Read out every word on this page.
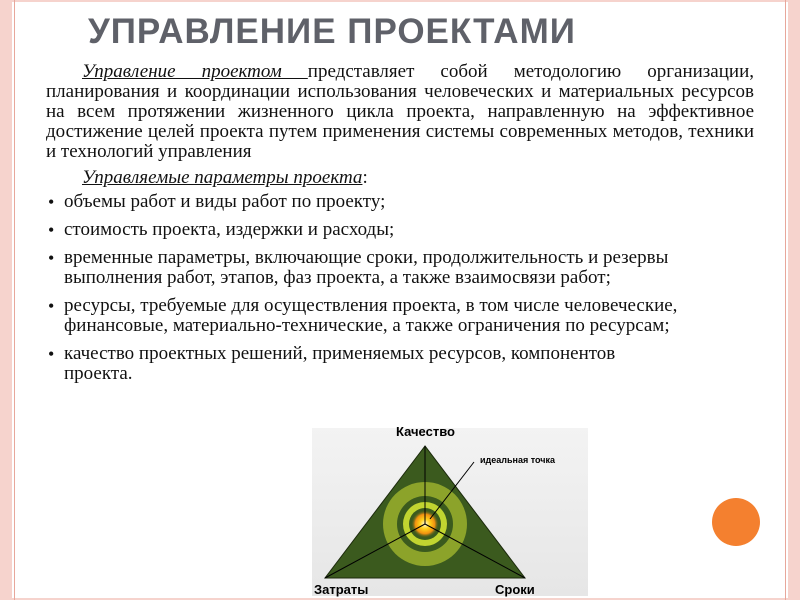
УПРАВЛЕНИЕ ПРОЕКТАМИ

Управление проектом представляет собой методологию организации, планирования и координации использования человеческих и материальных ресурсов на всем протяжении жизненного цикла проекта, направленную на эффективное достижение целей проекта путем применения системы современных методов, техники и технологий управления

Управляемые параметры проекта:
• объемы работ и виды работ по проекту;
• стоимость проекта, издержки и расходы;
• временные параметры, включающие сроки, продолжительность и резервы выполнения работ, этапов, фаз проекта, а также взаимосвязи работ;
• ресурсы, требуемые для осуществления проекта, в том числе человеческие, финансовые, материально-технические, а также ограничения по ресурсам;
• качество проектных решений, применяемых ресурсов, компонентов проекта.
Качество
Затраты	Сроки
идеальная точка
